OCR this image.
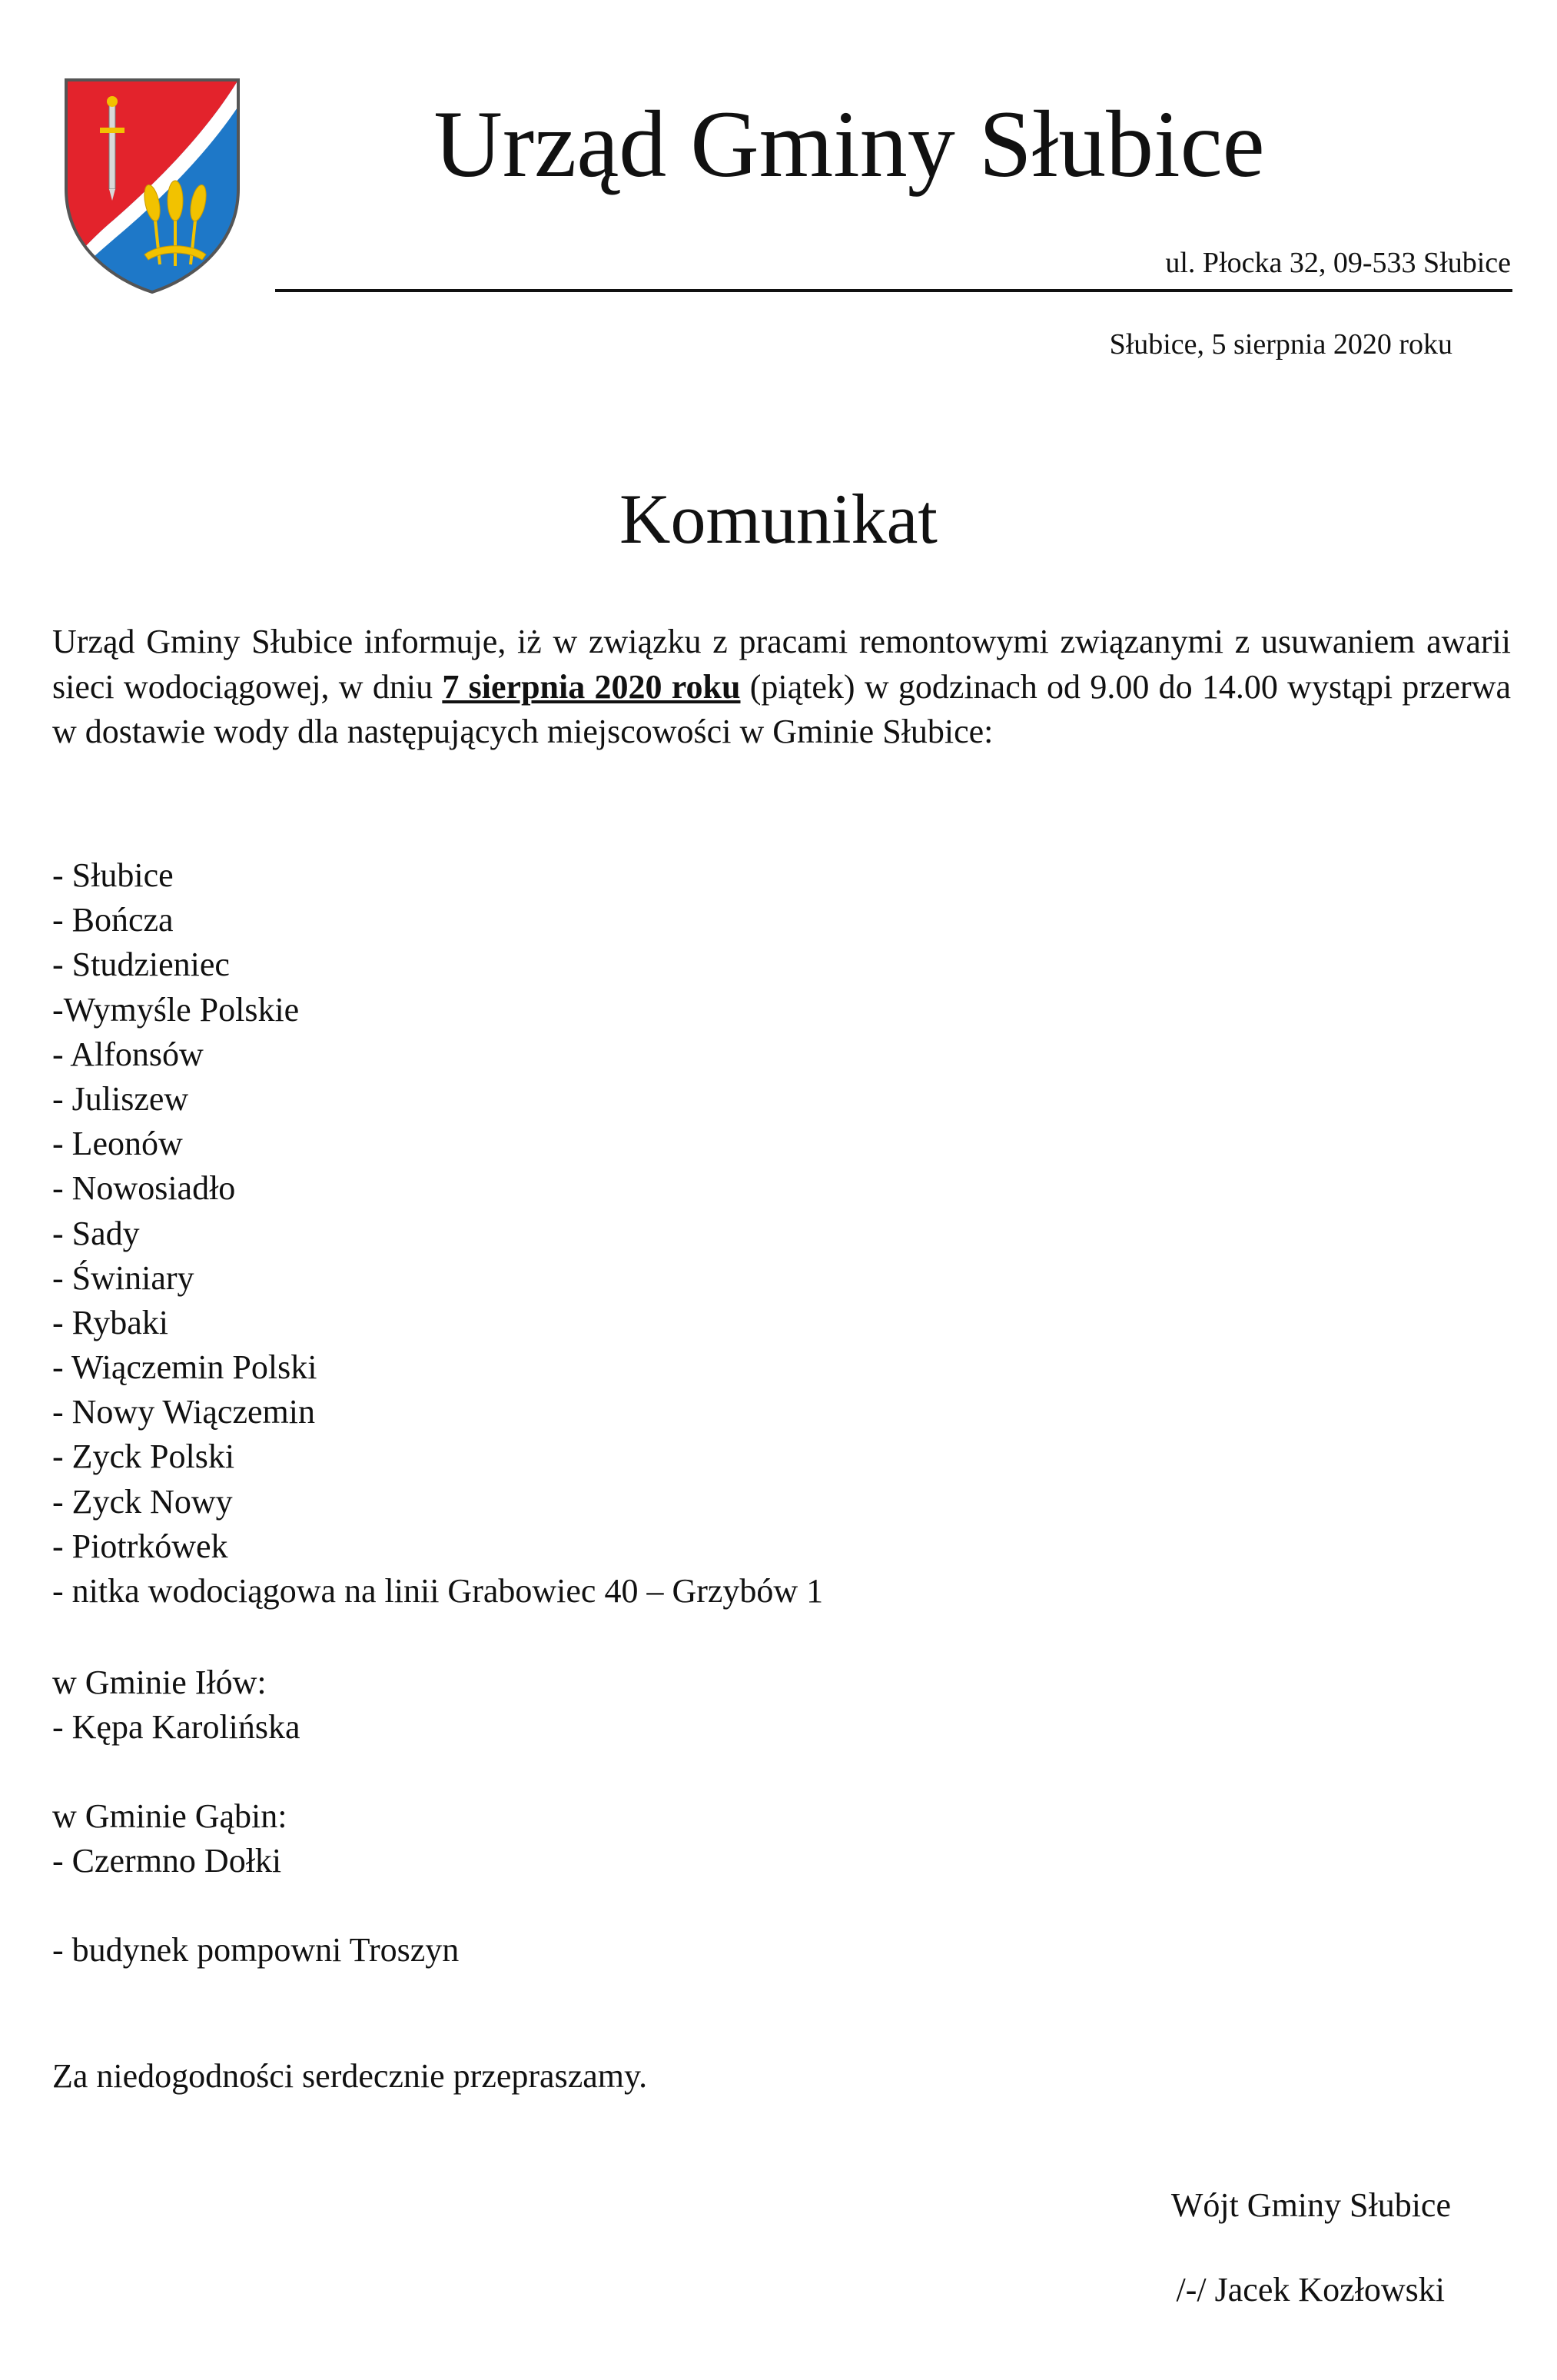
Urząd Gminy Słubice
ul. Płocka 32, 09-533 Słubice
Słubice, 5 sierpnia 2020 roku
Komunikat
Urząd Gminy Słubice informuje, iż w związku z pracami remontowymi związanymi z usuwaniem awarii sieci wodociągowej, w dniu 7 sierpnia 2020 roku (piątek) w godzinach od 9.00 do 14.00 wystąpi przerwa w dostawie wody dla następujących miejscowości w Gminie Słubice:
- Słubice
- Bończa
- Studzieniec
-Wymyśle Polskie
- Alfonsów
- Juliszew
- Leonów
- Nowosiadło
- Sady
- Świniary
- Rybaki
- Wiączemin Polski
- Nowy Wiączemin
- Zyck Polski
- Zyck Nowy
- Piotrkówek
- nitka wodociągowa na linii Grabowiec 40 – Grzybów 1
w Gminie Iłów:
- Kępa Karolińska
w Gminie Gąbin:
- Czermno Dołki
- budynek pompowni Troszyn
Za niedogodności serdecznie przepraszamy.
Wójt Gminy Słubice
/-/ Jacek Kozłowski
